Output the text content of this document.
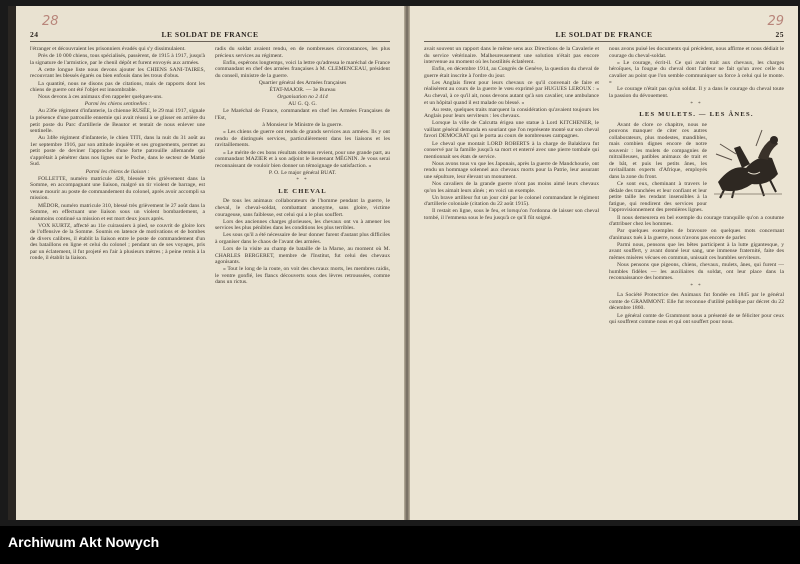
28
24	LE SOLDAT DE FRANCE

l'étranger et découvraient les prisonniers évadés qui s'y dissimulaient.

Près de 10 000 chiens, tous spécialisés, passèrent, de 1915 à 1917, jusqu'à la signature de l'armistice, par le chenil dépôt et furent envoyés aux armées.

A cette longue liste nous devons ajouter les CHIENS SANI-TAIRES, recouvrant les blessés égarés ou bien enfouis dans les trous d'obus.

La quantité, nous ne disons pas de citations, mais de rapports dont les chiens de guerre ont été l'objet est innombrable.

Nous devons à ces animaux d'en rappeler quelques-uns.

Parmi les chiens sentinelles :

Au 236e régiment d'infanterie, la chienne RUSÉE, le 29 mai 1917, signale la présence d'une patrouille ennemie qui avait réussi à se glisser en arrière du petit poste du Parc d'artillerie de Beautor et tentait de nous enlever une sentinelle.

Au 348e régiment d'infanterie, le chien TITI, dans la nuit du 31 août au 1er septembre 1916, par son attitude inquiète et ses grognements, permet au petit poste de deviner l'approche d'une forte patrouille allemande qui s'apprêtait à pénétrer dans nos lignes sur le Poche, dans le secteur de Mattie Sud.

Parmi les chiens de liaison :

FOLLETTE, numéro matricule 428, blessée très grièvement dans la Somme, en accompagnant une liaison, malgré un tir violent de barrage, est venue mourir au poste de commandement du colonel, après avoir accompli sa mission.

MÉDOR, numéro matricule 310, blessé très grièvement le 27 août dans la Somme, en effectuant une liaison sous un violent bombardement, a néanmoins continué sa mission et est mort deux jours après.

VOX KURTZ, affecté au 11e cuirassiers à pied, se couvrit de gloire lors de l'offensive de la Somme. Soumis en latence de motivations et de bombes de divers calibres, il établit la liaison entre le poste de commandement d'un des bataillons en ligne et celui du colonel ; pendant un de ses voyages, pris par un éclatement, il fut projeté en l'air à plusieurs mètres ; à peine remis à la ronde, il établit la liaison.

radis du soldat avaient rendu, en de nombreuses circonstances, les plus précieux services au régiment.

Enfin, espérons longtemps, voici la lettre qu'adressa le maréchal de France commandant en chef des armées françaises à M. CLEMENCEAU, président du conseil, ministre de la guerre.

Quartier général des Armées françaises

ÉTAT-MAJOR. — 3e Bureau

Organisation no 2 414

AU G. Q. G.

Le Maréchal de France, commandant en chef les Armées Françaises de l'Est,

à Monsieur le Ministre de la guerre.

« Les chiens de guerre ont rendu de grands services aux armées. Ils y ont rendu de distingués services, particulièrement dans les liaisons et les ravitaillements.

« Le mérite de ces bons résultats obtenus revient, pour une grande part, au commandant MAZIER et à son adjoint le lieutenant MÉGNIN. Je vous serai reconnaissant de vouloir bien donner un témoignage de satisfaction. »

P. O. Le major général BUAT.

* *
LE CHEVAL

De tous les animaux collaborateurs de l'homme pendant la guerre, le cheval, le cheval-soldat, combattant anonyme, sans gloire, victime courageuse, sans faiblesse, est celui qui a le plus souffert.

Lors des anciennes charges glorieuses, les chevaux ont vu à amener les services les plus pénibles dans les conditions les plus terribles.

Les sous qu'il a été nécessaire de leur donner furent d'autant plus difficiles à organiser dans le chaos de l'avant des armées.

Lors de la visite au champ de bataille de la Marne, au moment où M. CHARLES BERGERET, membre de l'Institut, fut celui des chevaux agonisants.

« Tout le long de la route, on voit des chevaux morts, les membres raidis, le ventre gonflé, les flancs découverts sous des lèvres retroussées, comme dans un rictus.

29
LE SOLDAT DE FRANCE	25

avait souvent un rapport dans le même sens aux Directions de la Cavalerie et du service vétérinaire. Malheureusement une solution n'était pas encore intervenue au moment où les hostilités éclatèrent.

Enfin, en décembre 1914, au Congrès de Genève, la question du cheval de guerre était inscrite à l'ordre du jour.

Les Anglais firent pour leurs chevaux ce qu'il convenait de faire et réalisèrent au cours de la guerre le vœu exprimé par HUGUES LEROUX : « Au cheval, à ce qu'il ait, nous devons autant qu'à son cavalier, une ambulance et un hôpital quand il est malade ou blessé. »

Au reste, quelques traits marquent la considération qu'avaient toujours les Anglais pour leurs serviteurs : les chevaux.

Lorsque la ville de Calcutta érigea une statue à Lord KITCHENER, le vaillant général demanda en souriant que l'on représente monté sur son cheval favori DEMOCRAT qui le porta au cours de nombreuses campagnes.

Le cheval que montait LORD ROBERTS à la charge de Balaklava fut conservé par la famille jusqu'à sa mort et enterré avec une pierre tombale qui mentionnait ses états de service.

Nous avons tous vu que les Japonais, après la guerre de Mandchourie, ont rendu un hommage solennel aux chevaux morts pour la Patrie, leur assurant une sépulture, leur élevant un monument.

Nos cavaliers de la grande guerre n'ont pas moins aimé leurs chevaux qu'on les aimait leurs aînés ; en voici un exemple.

Un brave artilleur fut un jour cité par le colonel commandant le régiment d'artillerie coloniale (citation du 22 août 1915).

Il restait en ligne, sous le feu, et lorsqu'on l'ordonna de laisser son cheval tombé, il l'emmena sous le feu jusqu'à ce qu'il fût soigné.

nous avons puisé les documents qui précèdent, nous affirme et nous dédiait le courage du cheval-soldat.

« Le courage, écrit-il. Ce qui avait trait aux chevaux, les charges héroïques, la fougue du cheval dont l'ardeur ne fait qu'un avec celle du cavalier au point que l'on semble communiquer sa force à celui qui le monte. »

Le courage n'était pas qu'un soldat. Il y a dans le courage du cheval toute la passion du dévouement.

* *
LES MULETS. — LES ÂNES.

Avant de clore ce chapitre, nous ne pouvons manquer de citer ces autres collaborateurs, plus modestes, mandibles, mais combien dignes encore de notre souvenir : les mulets de compagnies de mitrailleuses, patibles animaux de trait et de bât, et puis les petits ânes, les ravitaillants experts d'Afrique, employés dans la zone du front.

Ce sont eux, cheminant à travers le dédale des tranchées et leur confiant et leur petite taille les rendant insensibles à la fatigue, qui rendirent des services pour l'approvisionnement des premières lignes.

Il nous demeurera en bel exemple du courage tranquille qu'on a coutume d'attribuer chez les hommes.

Par quelques exemples de bravoure on quelques mots concernant d'animaux tués à la guerre, nous n'avons pas encore de parler.

Parmi nous, pensons que les bêtes participent à la lutte gigantesque, y avant souffert, y avant donné leur sang, une immense fraternité, faite des mêmes misères vécues en commun, unissait ces humbles serviteurs.

Nous pensons que pigeons, chiens, chevaux, mulets, ânes, qui furent — humbles fidèles — les auxiliaires du soldat, ont leur place dans la reconnaissance des hommes.

* *

La Société Protectrice des Animaux fut fondée en 1845 par le général comte de GRAMMONT. Elle fut reconnue d'utilité publique par décret du 22 décembre 1860.

Le général comte de Grammont nous a présenté de se féliciter pour ceux qui souffrent comme nous et qui ont souffert pour nous.

Archiwum Akt Nowych
